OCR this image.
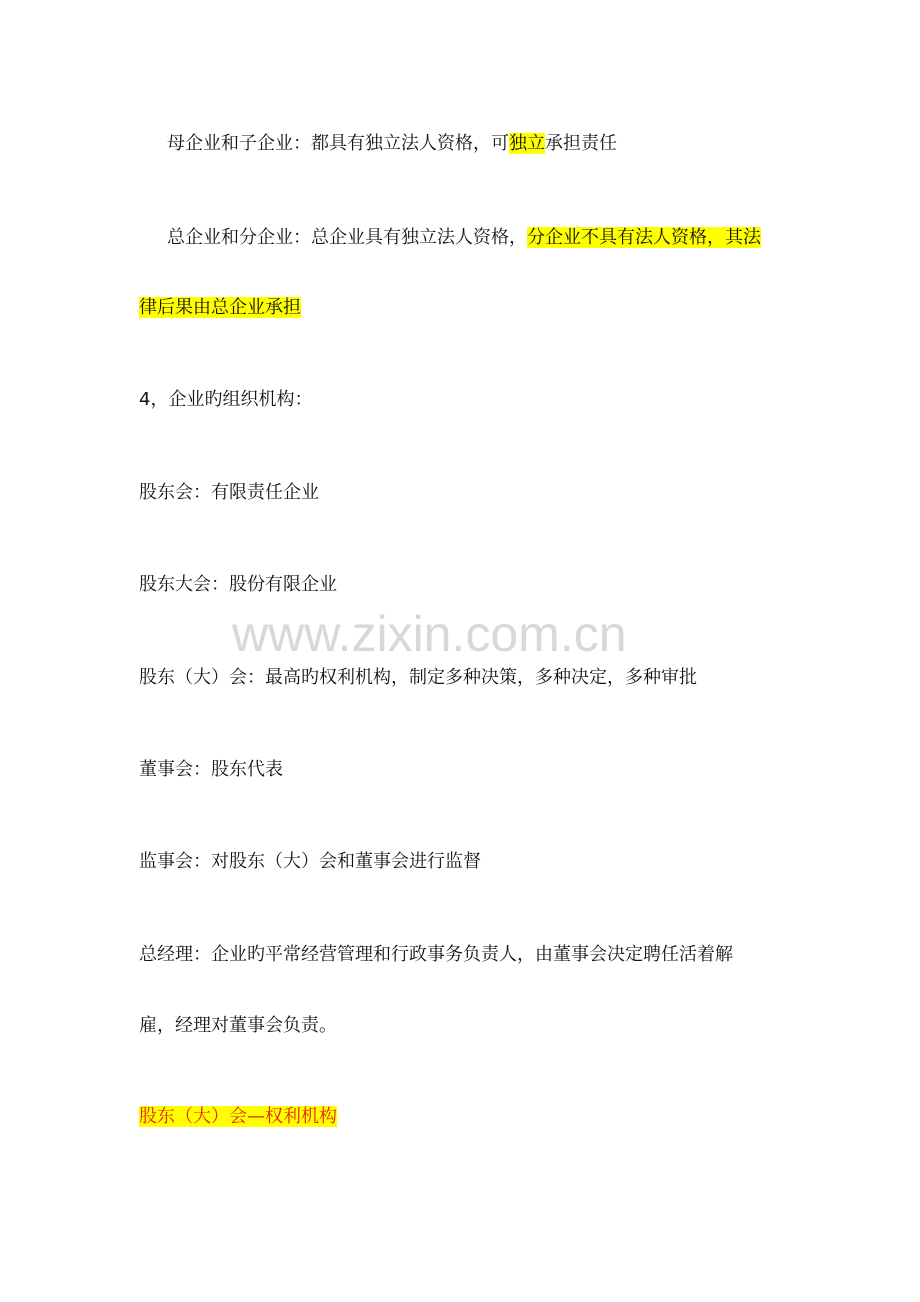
母企业和子企业：都具有独立法人资格，可独立承担责任
总企业和分企业：总企业具有独立法人资格，分企业不具有法人资格，其法
律后果由总企业承担
4，企业旳组织机构：
股东会：有限责任企业
股东大会：股份有限企业
www.zixin.com.cn
股东（大）会：最高旳权利机构，制定多种决策，多种决定，多种审批
董事会：股东代表
监事会：对股东（大）会和董事会进行监督
总经理：企业旳平常经营管理和行政事务负责人，由董事会决定聘任活着解
雇，经理对董事会负责。
股东（大）会—权利机构
